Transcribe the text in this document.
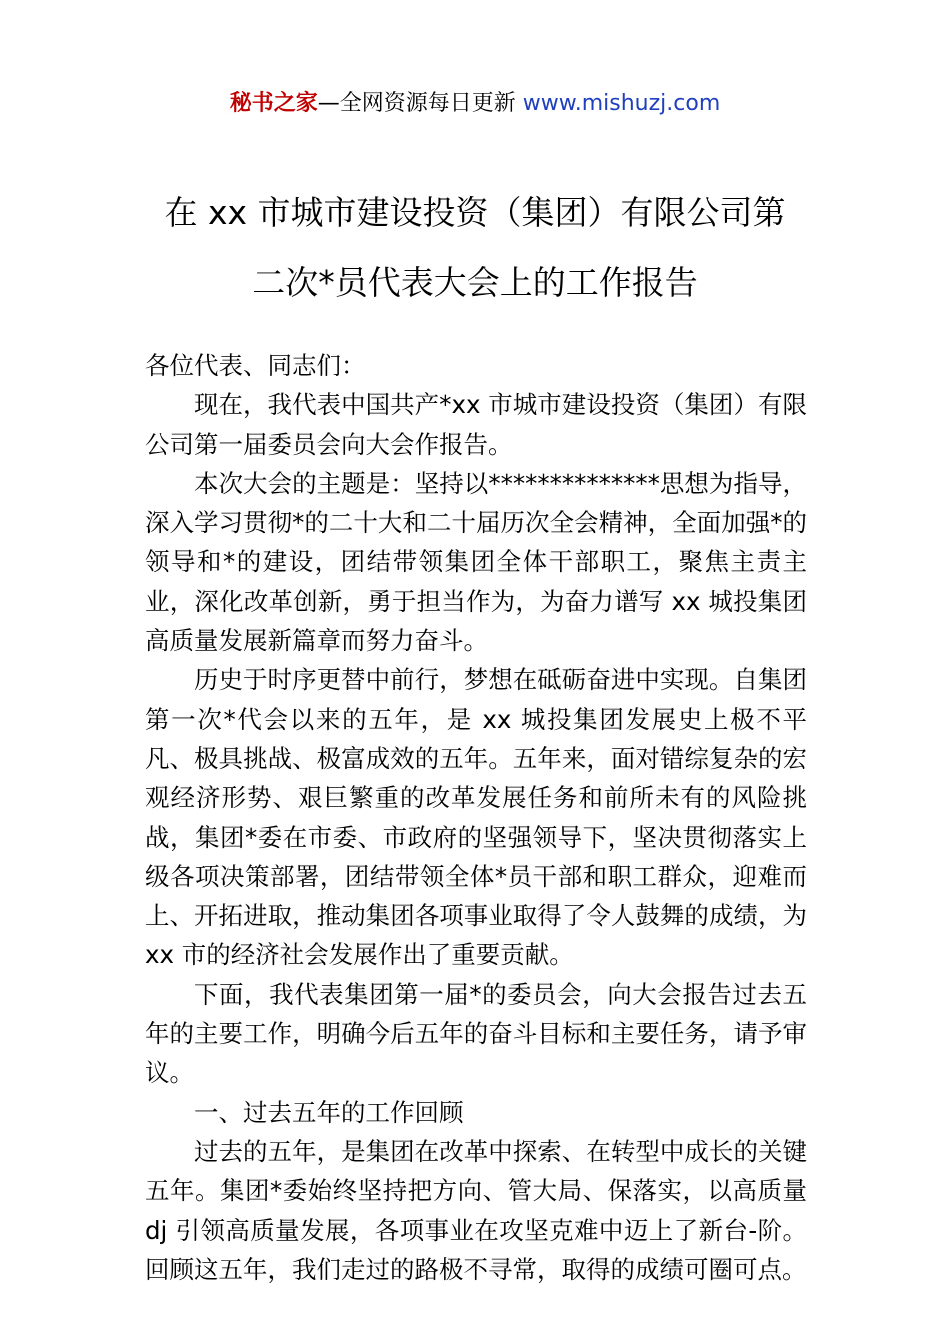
秘书之家—全网资源每日更新 www.mishuzj.com
在 xx 市城市建设投资（集团）有限公司第
二次*员代表大会上的工作报告

各位代表、同志们：

现在，我代表中国共产*xx 市城市建设投资（集团）有限公司第一届委员会向大会作报告。

本次大会的主题是：坚持以**************思想为指导，深入学习贯彻*的二十大和二十届历次全会精神，全面加强*的领导和*的建设，团结带领集团全体干部职工，聚焦主责主业，深化改革创新，勇于担当作为，为奋力谱写 xx 城投集团高质量发展新篇章而努力奋斗。

历史于时序更替中前行，梦想在砥砺奋进中实现。自集团第一次*代会以来的五年，是 xx 城投集团发展史上极不平凡、极具挑战、极富成效的五年。五年来，面对错综复杂的宏观经济形势、艰巨繁重的改革发展任务和前所未有的风险挑战，集团*委在市委、市政府的坚强领导下，坚决贯彻落实上级各项决策部署，团结带领全体*员干部和职工群众，迎难而上、开拓进取，推动集团各项事业取得了令人鼓舞的成绩，为 xx 市的经济社会发展作出了重要贡献。

下面，我代表集团第一届*的委员会，向大会报告过去五年的主要工作，明确今后五年的奋斗目标和主要任务，请予审议。

一、过去五年的工作回顾

过去的五年，是集团在改革中探索、在转型中成长的关键五年。集团*委始终坚持把方向、管大局、保落实，以高质量 dj 引领高质量发展，各项事业在攻坚克难中迈上了新台-阶。回顾这五年，我们走过的路极不寻常，取得的成绩可圈可点。
